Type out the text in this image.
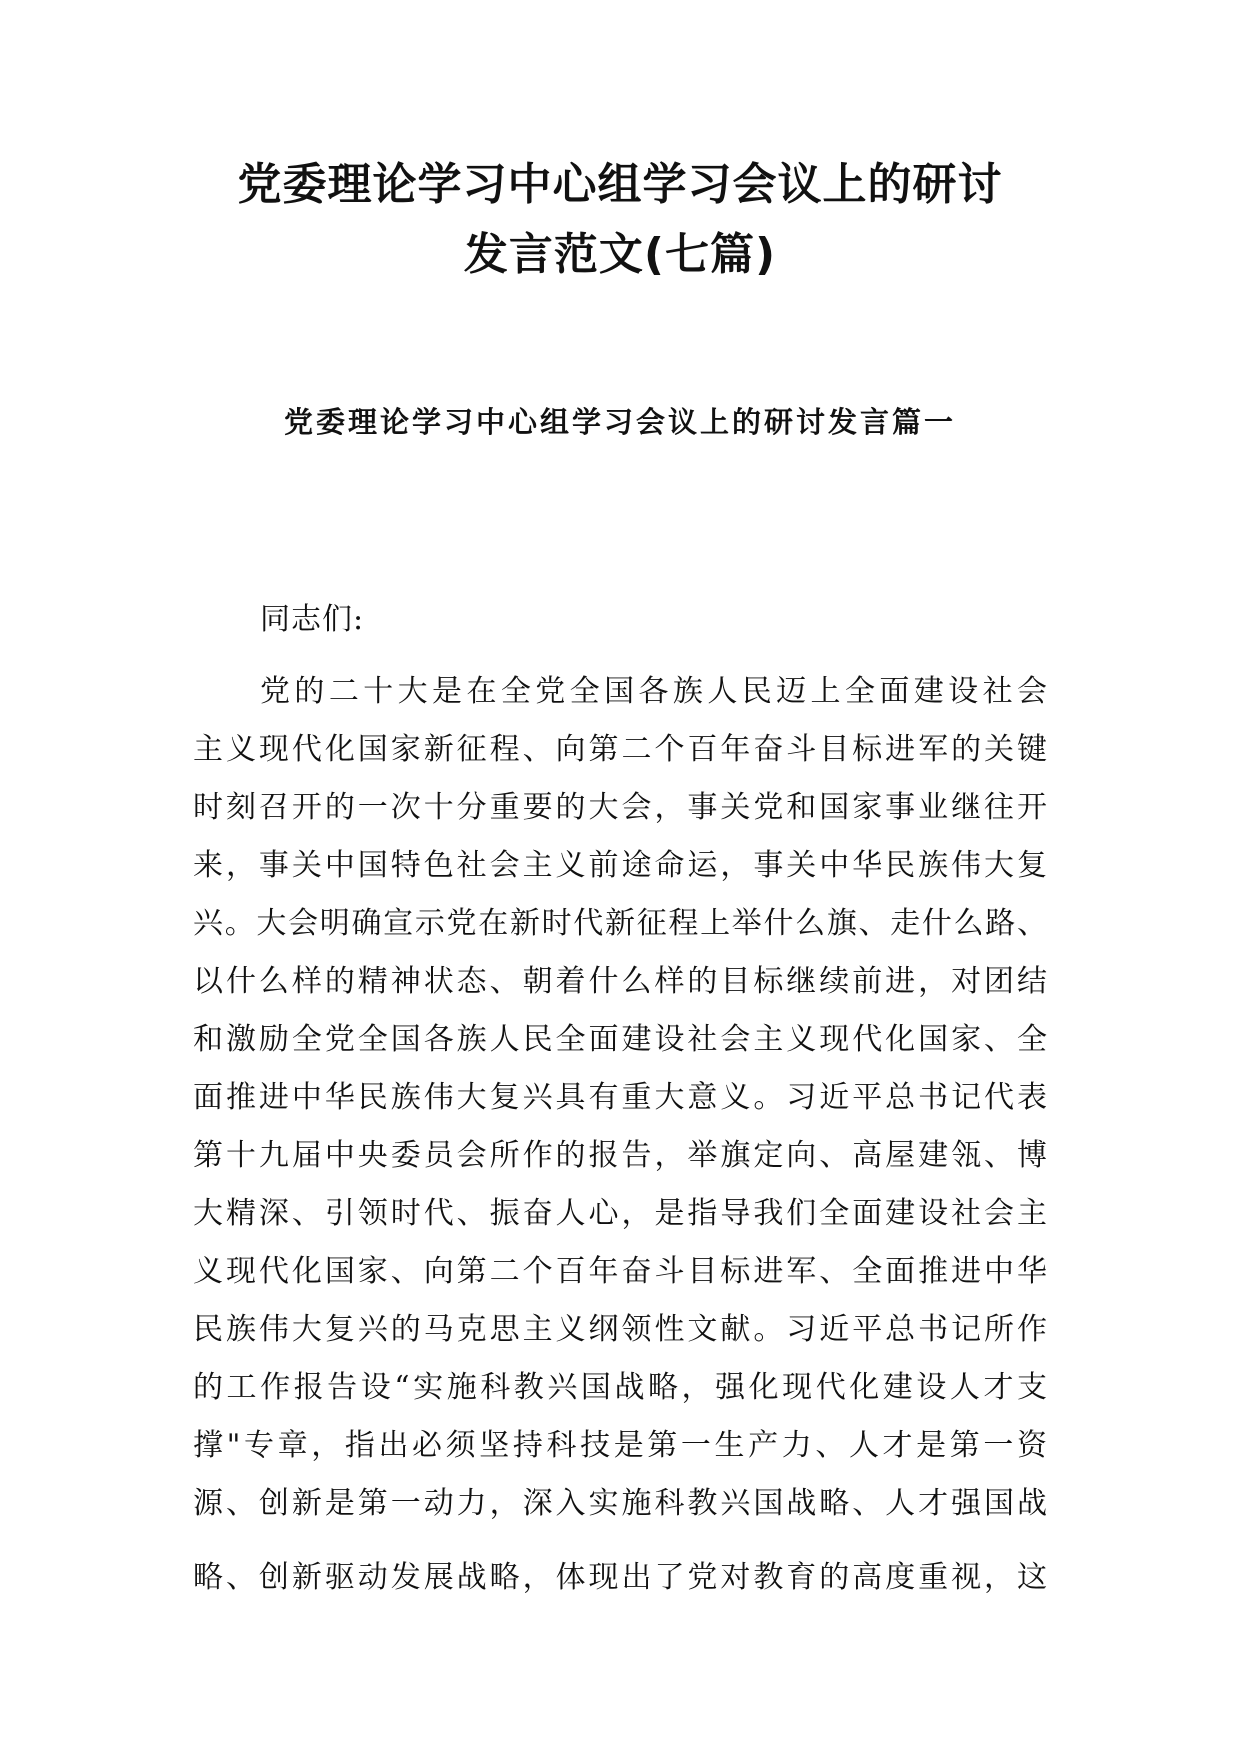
党委理论学习中心组学习会议上的研讨
发言范文(七篇)
党委理论学习中心组学习会议上的研讨发言篇一
同志们:
党的二十大是在全党全国各族人民迈上全面建设社会
主义现代化国家新征程、向第二个百年奋斗目标进军的关键
时刻召开的一次十分重要的大会，事关党和国家事业继往开
来，事关中国特色社会主义前途命运，事关中华民族伟大复
兴。大会明确宣示党在新时代新征程上举什么旗、走什么路、
以什么样的精神状态、朝着什么样的目标继续前进，对团结
和激励全党全国各族人民全面建设社会主义现代化国家、全
面推进中华民族伟大复兴具有重大意义。习近平总书记代表
第十九届中央委员会所作的报告，举旗定向、高屋建瓴、博
大精深、引领时代、振奋人心，是指导我们全面建设社会主
义现代化国家、向第二个百年奋斗目标进军、全面推进中华
民族伟大复兴的马克思主义纲领性文献。习近平总书记所作
的工作报告设“实施科教兴国战略，强化现代化建设人才支
撑"专章，指出必须坚持科技是第一生产力、人才是第一资
源、创新是第一动力，深入实施科教兴国战略、人才强国战
略、创新驱动发展战略，体现出了党对教育的高度重视，这
